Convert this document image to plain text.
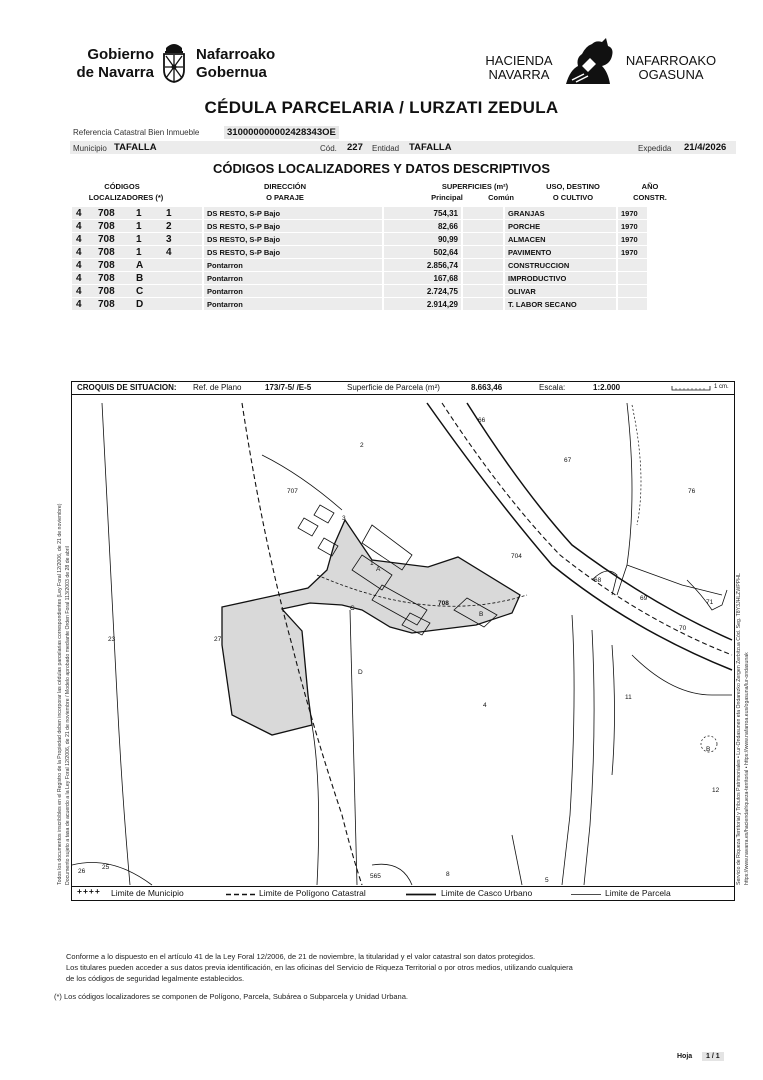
Gobierno
de Navarra
Nafarroako
Gobernua
HACIENDA
NAVARRA
NAFARROAKO
OGASUNA
CÉDULA PARCELARIA / LURZATI ZEDULA
Referencia Catastral Bien Inmueble	310000000002428343OE
Municipio TAFALLA	Cód. 227 Entidad TAFALLA	Expedida 21/4/2026
CÓDIGOS LOCALIZADORES Y DATOS DESCRIPTIVOS
CÓDIGOS
LOCALIZADORES (*)
DIRECCIÓN
O PARAJE
SUPERFICIES (m²)
Principal	Común
USO, DESTINO
O CULTIVO
AÑO
CONSTR.
4	708	1	1		DS RESTO, S-P Bajo		754,31				GRANJAS		1970
4	708	1	2		DS RESTO, S-P Bajo		82,66				PORCHE		1970
4	708	1	3		DS RESTO, S-P Bajo		90,99				ALMACEN		1970
4	708	1	4		DS RESTO, S-P Bajo		502,64				PAVIMENTO		1970
4	708	A			Pontarron		2.856,74				CONSTRUCCION		
4	708	B			Pontarron		167,68				IMPRODUCTIVO		
4	708	C			Pontarron		2.724,75				OLIVAR		
4	708	D			Pontarron		2.914,29				T. LABOR SECANO		
CROQUIS DE SITUACION: Ref. de Plano	173/7-5/ /E-5	Superficie de Parcela (m²)	8.663,46	Escala:	1:2.000	1 cm.
2
66
67
76
707
704
708
68
69
70
71
23	27
4
11
12
26
25
565	8
5
A
B
C
D
B
1
3
++++ Limite de Municipio	Limite de Polígono Catastral	Limite de Casco Urbano	Limite de Parcela
Todos los documentos inscribibles en el Registro de la Propiedad deben incorporar las cédulas parcelarias correspondientes (Ley Foral 12/2006, de 21 de noviembre) Documento sujeto a tasa de acuerdo a la Ley Foral 12/2006, de 21 de noviembre / Modelo aprobado mediante Orden Foral 113/2003 de 28 de abril	Servicio de Riqueza Territorial y Tributos Patrimoniales • Lur-Ondasunen eta Ondarezko Zergen Zerbitzua Cód. Seg. T8Y3JHLZWPPHL https://www.navarra.es/hacienda/riqueza-territorial • https://www.nafarroa.eus/ogasuna/lur-ondasunak
Conforme a lo dispuesto en el artículo 41 de la Ley Foral 12/2006, de 21 de noviembre, la titularidad y el valor catastral son datos protegidos.
Los titulares pueden acceder a sus datos previa identificación, en las oficinas del Servicio de Riqueza Territorial o por otros medios, utilizando cualquiera
de los códigos de seguridad legalmente establecidos.
(*) Los códigos localizadores se componen de Polígono, Parcela, Subárea o Subparcela y Unidad Urbana.
Hoja	1 / 1
